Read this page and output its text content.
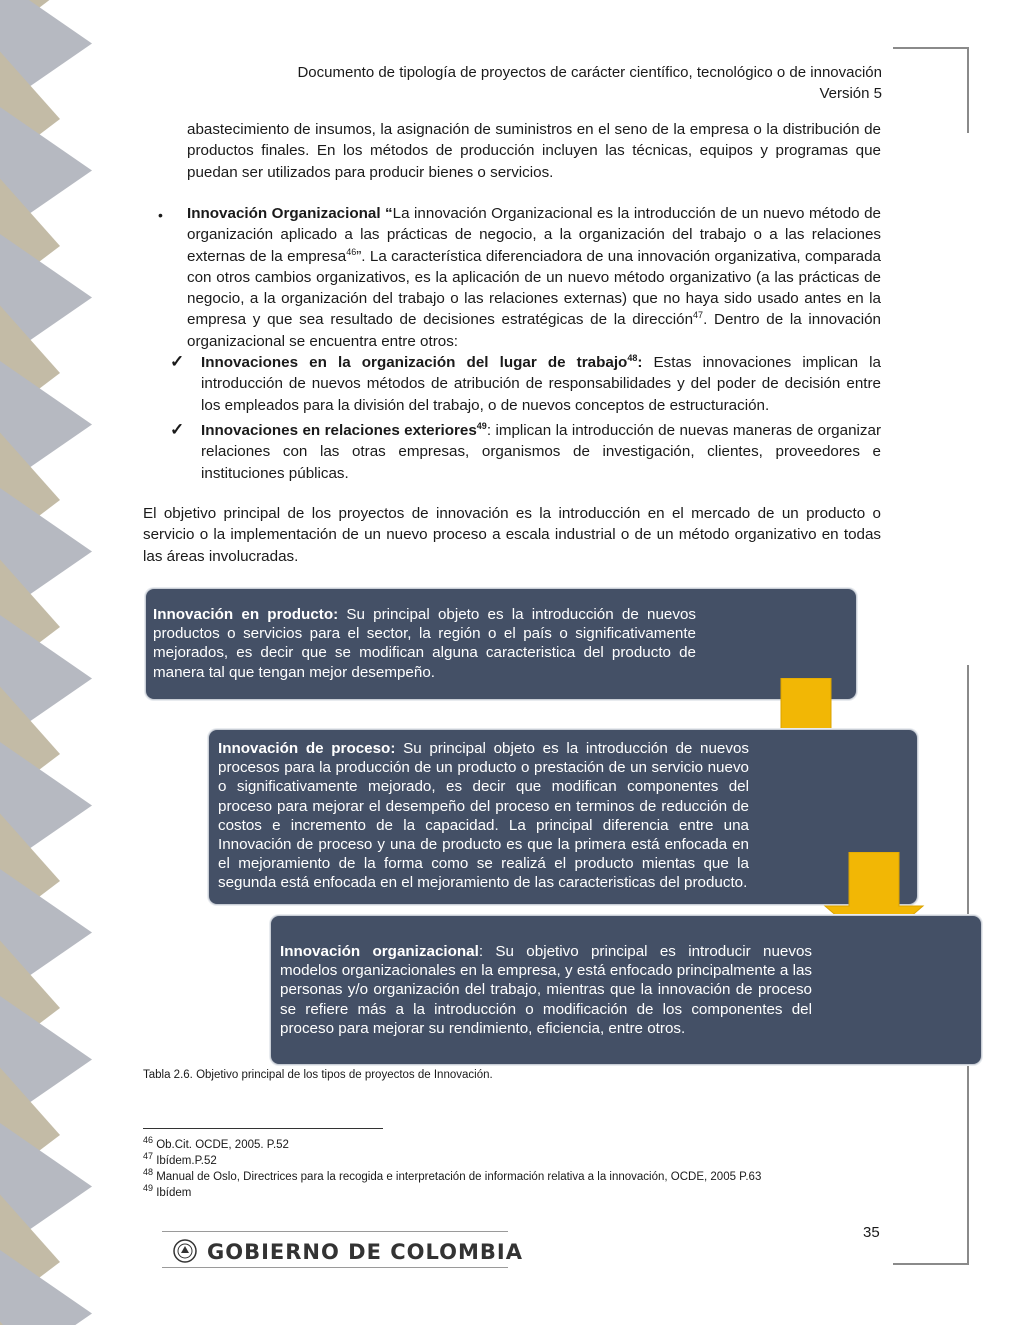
Documento de tipología de proyectos de carácter científico, tecnológico o de innovación
Versión 5
abastecimiento de insumos, la asignación de suministros en el seno de la empresa o la distribución de productos finales. En los métodos de producción incluyen las técnicas, equipos y programas que puedan ser utilizados para producir bienes o servicios.
• Innovación Organizacional “La innovación Organizacional es la introducción de un nuevo método de organización aplicado a las prácticas de negocio, a la organización del trabajo o a las relaciones externas de la empresa$^{46}$”. La característica diferenciadora de una innovación organizativa, comparada con otros cambios organizativos, es la aplicación de un nuevo método organizativo (a las prácticas de negocio, a la organización del trabajo o las relaciones externas) que no haya sido usado antes en la empresa y que sea resultado de decisiones estratégicas de la dirección$^{47}$. Dentro de la innovación organizacional se encuentra entre otros:
✓ Innovaciones en la organización del lugar de trabajo$^{48}$: Estas innovaciones implican la introducción de nuevos métodos de atribución de responsabilidades y del poder de decisión entre los empleados para la división del trabajo, o de nuevos conceptos de estructuración.
✓ Innovaciones en relaciones exteriores$^{49}$: implican la introducción de nuevas maneras de organizar relaciones con las otras empresas, organismos de investigación, clientes, proveedores e instituciones públicas.
El objetivo principal de los proyectos de innovación es la introducción en el mercado de un producto o servicio o la implementación de un nuevo proceso a escala industrial o de un método organizativo en todas las áreas involucradas.
Innovación en producto: Su principal objeto es la introducción de nuevos productos o servicios para el sector, la región o el país o significativamente mejorados, es decir que se modifican alguna caracteristica del producto de manera tal que tengan mejor desempeño.
Innovación de proceso: Su principal objeto es la introducción de nuevos procesos para la producción de un producto o prestación de un servicio nuevo o significativamente mejorado, es decir que modifican componentes del proceso para mejorar el desempeño del proceso en terminos de reducción de costos e incremento de la capacidad. La principal diferencia entre una Innovación de proceso y una de producto es que la primera está enfocada en el mejoramiento de la forma como se realizá el producto mientas que la segunda está enfocada en el mejoramiento de las caracteristicas del producto.
Innovación organizacional: Su objetivo principal es introducir nuevos modelos organizacionales en la empresa, y está enfocado principalmente a las personas y/o organización del trabajo, mientras que la innovación de proceso se refiere más a la introducción o modificación de los componentes del proceso para mejorar su rendimiento, eficiencia, entre otros.
Tabla 2.6. Objetivo principal de los tipos de proyectos de Innovación.
$^{46}$ Ob.Cit. OCDE, 2005. P.52
$^{47}$ Ibídem.P.52
$^{48}$ Manual de Oslo, Directrices para la recogida e interpretación de información relativa a la innovación, OCDE, 2005 P.63
$^{49}$ Ibídem
35
GOBIERNO DE COLOMBIA
